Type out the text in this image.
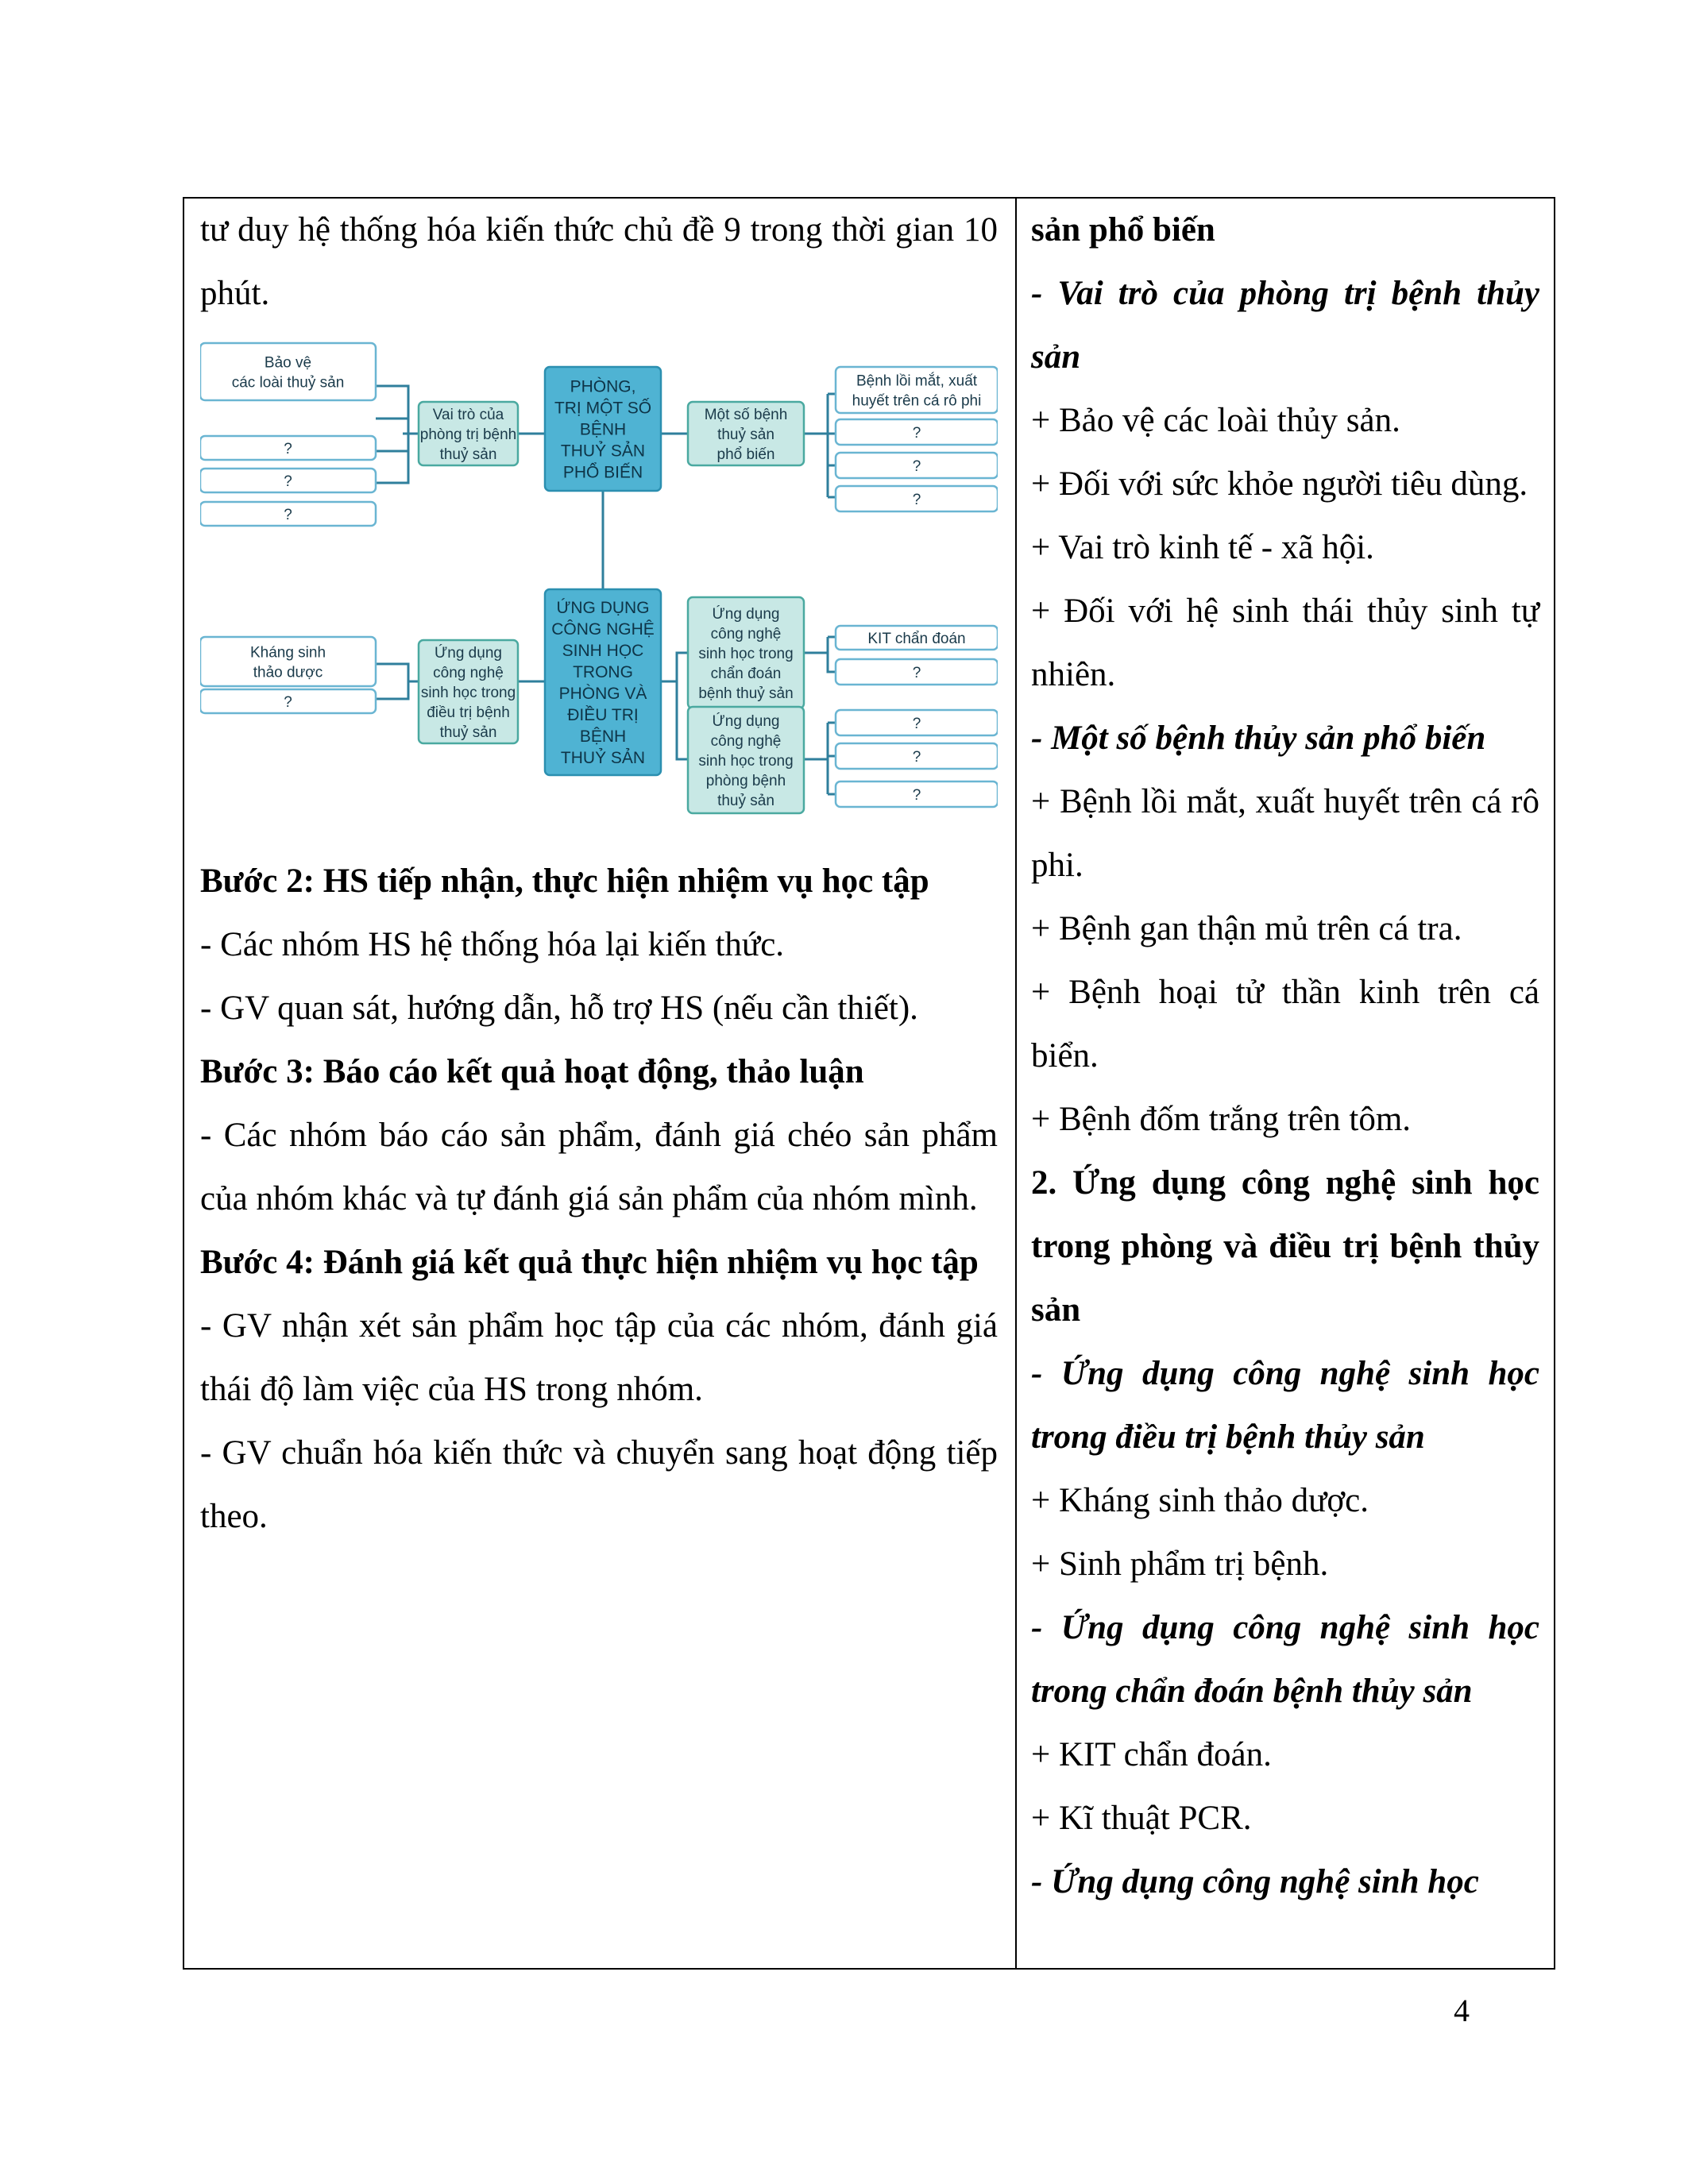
tư duy hệ thống hóa kiến thức chủ đề 9 trong thời gian 10 phút.

PHÒNG,
TRỊ MỘT SỐ
BỆNH
THUỶ SẢN
PHỔ BIẾN
ỨNG DỤNG
CÔNG NGHỆ
SINH HỌC
TRONG
PHÒNG VÀ
ĐIỀU TRỊ
BỆNH
THUỶ SẢN
Vai trò của
phòng trị bệnh
thuỷ sản
Một số bệnh
thuỷ sản
phổ biến
Ứng dụng
công nghệ
sinh học trong
điều trị bệnh
thuỷ sản
Ứng dụng
công nghệ
sinh học trong
chẩn đoán
bệnh thuỷ sản
Ứng dụng
công nghệ
sinh học trong
phòng bệnh
thuỷ sản
Bảo vệ
các loài thuỷ sản
?
?
?
Bệnh lồi mắt, xuất
huyết trên cá rô phi
?
?
?
Kháng sinh
thảo dược
?
KIT chẩn đoán
?
?
?
?

Bước 2: HS tiếp nhận, thực hiện nhiệm vụ học tập

- Các nhóm HS hệ thống hóa lại kiến thức.

- GV quan sát, hướng dẫn, hỗ trợ HS (nếu cần thiết).

Bước 3: Báo cáo kết quả hoạt động, thảo luận

- Các nhóm báo cáo sản phẩm, đánh giá chéo sản phẩm của nhóm khác và tự đánh giá sản phẩm của nhóm mình.

Bước 4: Đánh giá kết quả thực hiện nhiệm vụ học tập

- GV nhận xét sản phẩm học tập của các nhóm, đánh giá thái độ làm việc của HS trong nhóm.

- GV chuẩn hóa kiến thức và chuyển sang hoạt động tiếp theo.

sản phổ biến

- Vai trò của phòng trị bệnh thủy sản

+ Bảo vệ các loài thủy sản.

+ Đối với sức khỏe người tiêu dùng.

+ Vai trò kinh tế - xã hội.

+ Đối với hệ sinh thái thủy sinh tự nhiên.

- Một số bệnh thủy sản phổ biến

+ Bệnh lồi mắt, xuất huyết trên cá rô phi.

+ Bệnh gan thận mủ trên cá tra.

+ Bệnh hoại tử thần kinh trên cá biển.

+ Bệnh đốm trắng trên tôm.

2. Ứng dụng công nghệ sinh học trong phòng và điều trị bệnh thủy sản

- Ứng dụng công nghệ sinh học trong điều trị bệnh thủy sản

+ Kháng sinh thảo dược.

+ Sinh phẩm trị bệnh.

- Ứng dụng công nghệ sinh học trong chẩn đoán bệnh thủy sản

+ KIT chẩn đoán.

+ Kĩ thuật PCR.

- Ứng dụng công nghệ sinh học

4
